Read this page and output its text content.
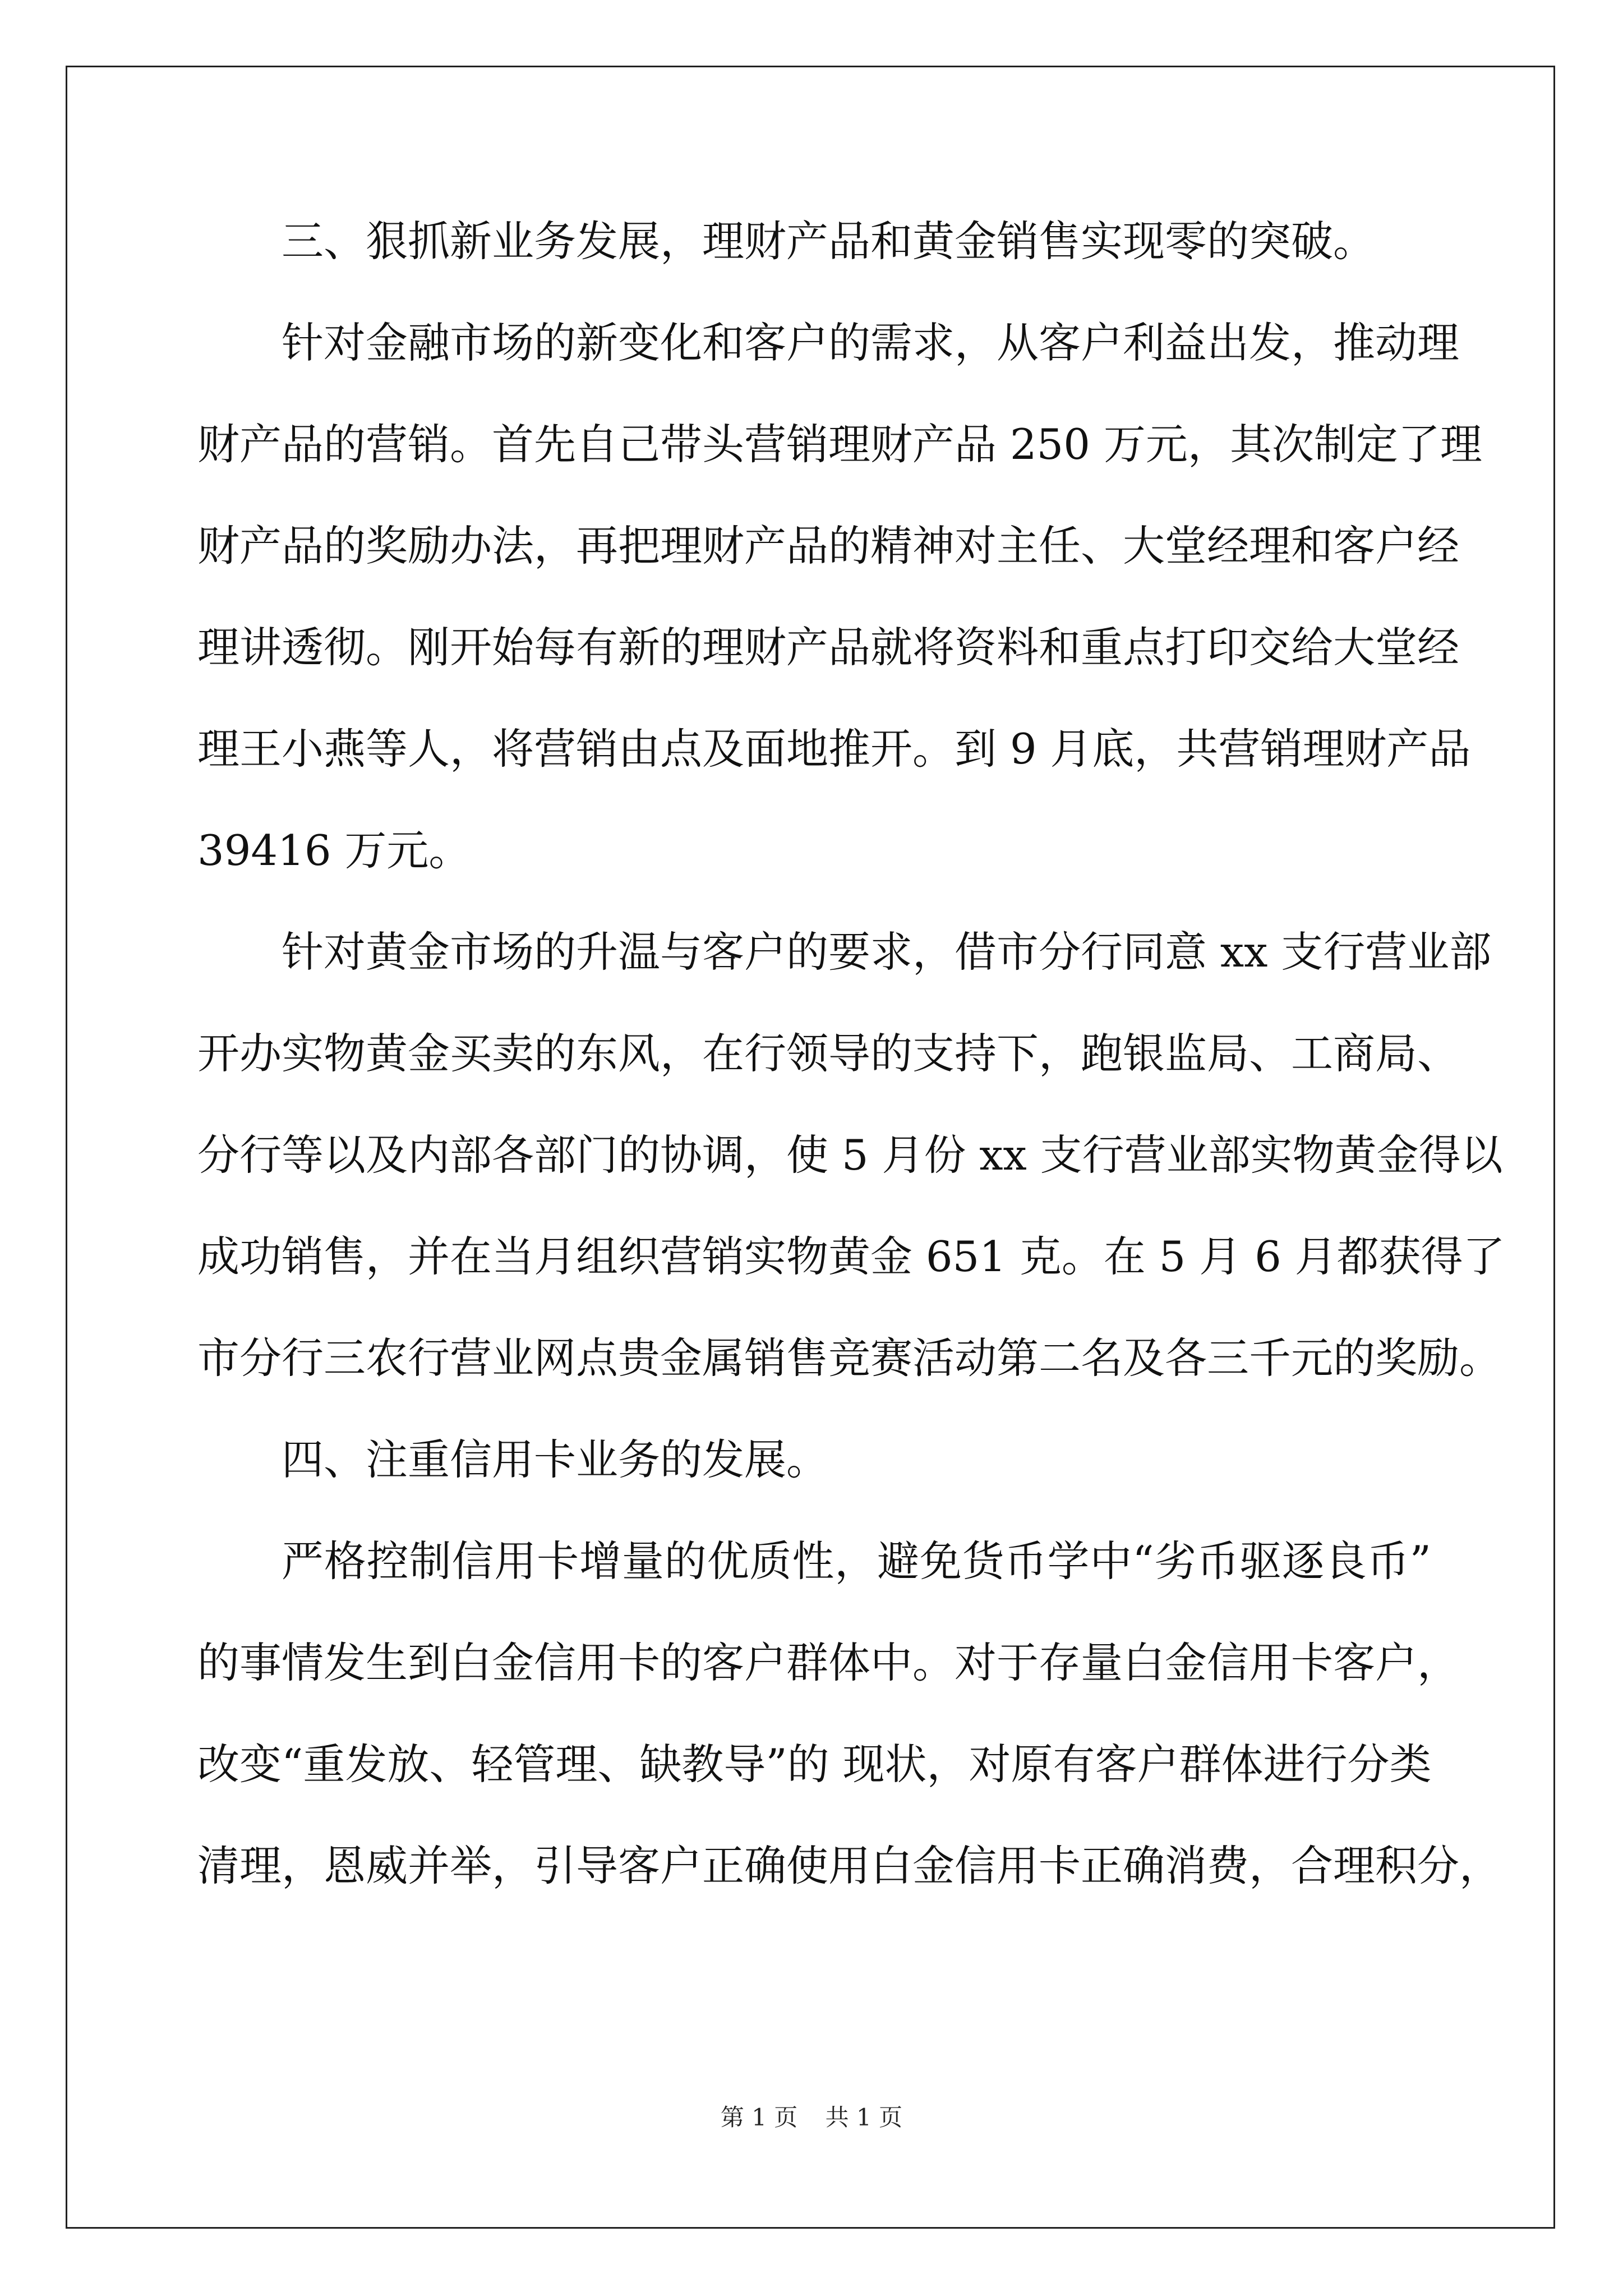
三、狠抓新业务发展，理财产品和黄金销售实现零的突破。
针对金融市场的新变化和客户的需求，从客户利益出发，推动理
财产品的营销。首先自己带头营销理财产品 250 万元，其次制定了理
财产品的奖励办法，再把理财产品的精神对主任、大堂经理和客户经
理讲透彻。刚开始每有新的理财产品就将资料和重点打印交给大堂经
理王小燕等人，将营销由点及面地推开。到 9 月底，共营销理财产品
39416 万元。
针对黄金市场的升温与客户的要求，借市分行同意 xx 支行营业部
开办实物黄金买卖的东风，在行领导的支持下，跑银监局、工商局、
分行等以及内部各部门的协调，使 5 月份 xx 支行营业部实物黄金得以
成功销售，并在当月组织营销实物黄金 651 克。在 5 月 6 月都获得了
市分行三农行营业网点贵金属销售竞赛活动第二名及各三千元的奖励。
四、注重信用卡业务的发展。
严格控制信用卡增量的优质性，避免货币学中“劣币驱逐良币”
的事情发生到白金信用卡的客户群体中。对于存量白金信用卡客户，
改变“重发放、轻管理、缺教导”的 现状，对原有客户群体进行分类
清理，恩威并举，引导客户正确使用白金信用卡正确消费，合理积分，
第 1 页 共 1 页
